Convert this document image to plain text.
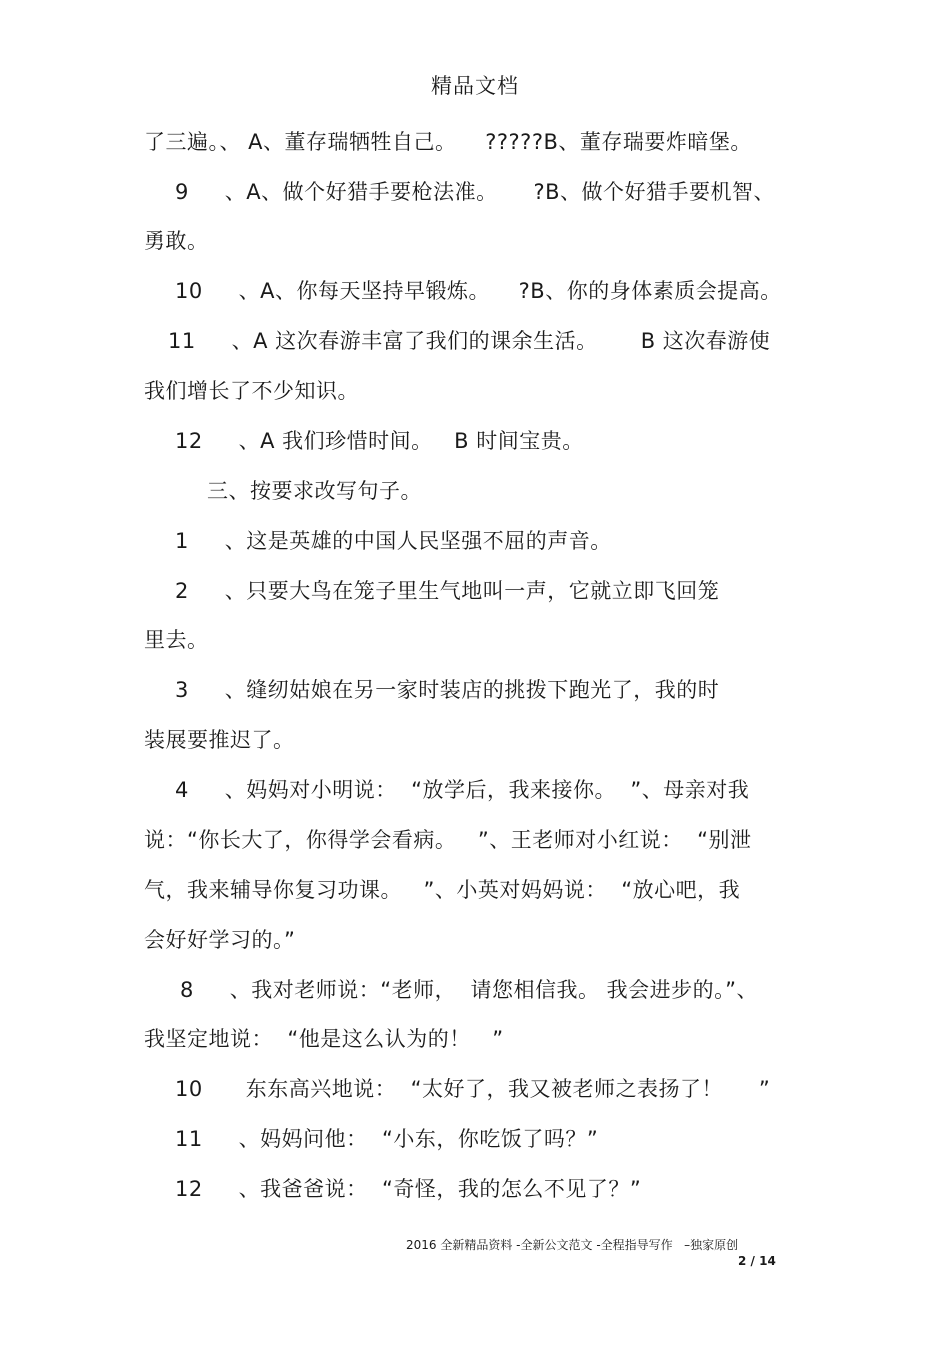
精品文档
了三遍。、 A、董存瑞牺牲自己。    ?????B、董存瑞要炸暗堡。
9     、A、做个好猎手要枪法准。     ?B、做个好猎手要机智、
勇敢。
10     、A、你每天坚持早锻炼。    ?B、你的身体素质会提高。
11     、A 这次春游丰富了我们的课余生活。      B 这次春游使
我们增长了不少知识。
12     、A 我们珍惜时间。   B 时间宝贵。
三、按要求改写句子。
1     、这是英雄的中国人民坚强不屈的声音。
2     、只要大鸟在笼子里生气地叫一声，它就立即飞回笼
里去。
3     、缝纫姑娘在另一家时装店的挑拨下跑光了，我的时
装展要推迟了。
4     、妈妈对小明说：  “放学后，我来接你。  ”、母亲对我
说：“你长大了，你得学会看病。   ”、王老师对小红说：  “别泄
气，我来辅导你复习功课。   ”、小英对妈妈说：  “放心吧，我
会好好学习的。”
8     、我对老师说：“老师，  请您相信我。 我会进步的。”、
我坚定地说：  “他是这么认为的！   ”
10      东东高兴地说：  “太好了，我又被老师之表扬了！     ”
11     、妈妈问他：  “小东，你吃饭了吗？”
12     、我爸爸说：  “奇怪，我的怎么不见了？”
2016 全新精品资料 -全新公文范文 -全程指导写作   –独家原创
2 / 14
